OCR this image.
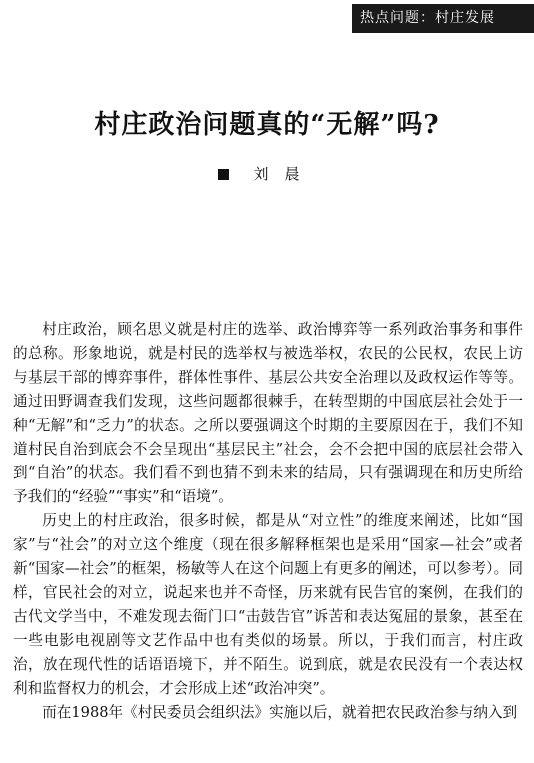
热点问题：村庄发展
村庄政治问题真的“无解”吗?
刘晨

村庄政治，顾名思义就是村庄的选举、政治博弈等一系列政治事务和事件的总称。形象地说，就是村民的选举权与被选举权，农民的公民权，农民上访与基层干部的博弈事件，群体性事件、基层公共安全治理以及政权运作等等。通过田野调查我们发现，这些问题都很棘手，在转型期的中国底层社会处于一种“无解”和“乏力”的状态。之所以要强调这个时期的主要原因在于，我们不知道村民自治到底会不会呈现出“基层民主”社会，会不会把中国的底层社会带入到“自治”的状态。我们看不到也猜不到未来的结局，只有强调现在和历史所给予我们的“经验”“事实”和“语境”。

历史上的村庄政治，很多时候，都是从“对立性”的维度来阐述，比如“国家”与“社会”的对立这个维度（现在很多解释框架也是采用“国家—社会”或者新“国家—社会”的框架，杨敏等人在这个问题上有更多的阐述，可以参考）。同样，官民社会的对立，说起来也并不奇怪，历来就有民告官的案例，在我们的古代文学当中，不难发现去衙门口“击鼓告官”诉苦和表达冤屈的景象，甚至在一些电影电视剧等文艺作品中也有类似的场景。所以，于我们而言，村庄政治，放在现代性的话语语境下，并不陌生。说到底，就是农民没有一个表达权利和监督权力的机会，才会形成上述“政治冲突”。

而在1988年《村民委员会组织法》实施以后，就着把农民政治参与纳入到
